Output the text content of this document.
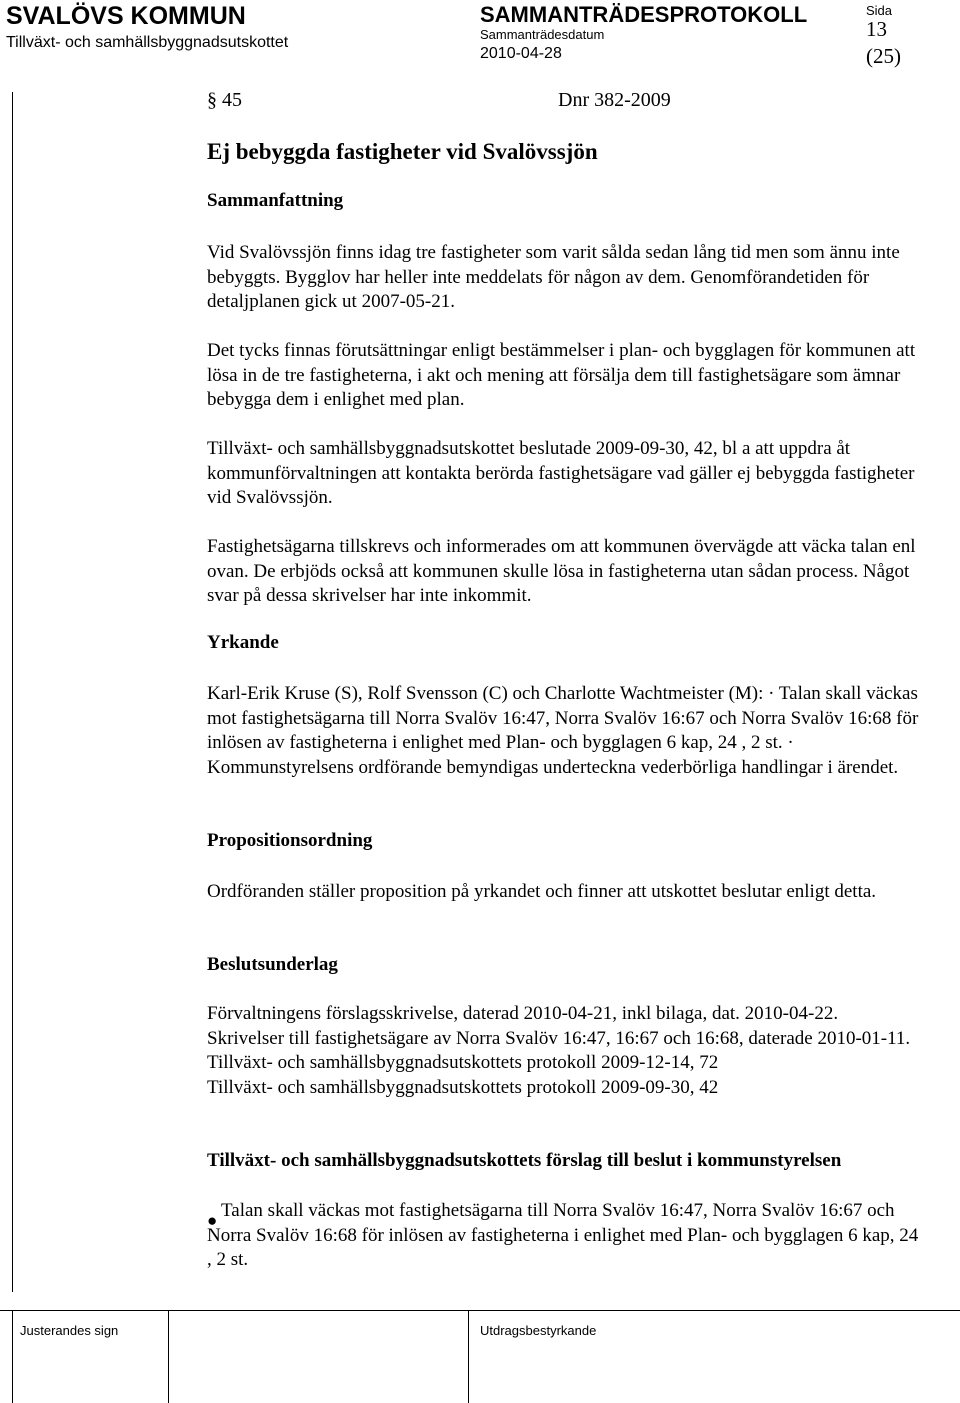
SVALÖVS KOMMUN
Tillväxt- och samhällsbyggnadsutskottet
SAMMANTRÄDESPROTOKOLL
Sammanträdesdatum
2010-04-28
Sida
13
(25)
§ 45	Dnr 382-2009
Ej bebyggda fastigheter vid Svalövssjön
Sammanfattning
Vid Svalövssjön finns idag tre fastigheter som varit sålda sedan lång tid men som ännu inte bebyggts. Bygglov har heller inte meddelats för någon av dem. Genomförandetiden för detaljplanen gick ut 2007-05-21.
Det tycks finnas förutsättningar enligt bestämmelser i plan- och bygglagen för kommunen att lösa in de tre fastigheterna, i akt och mening att försälja dem till fastighetsägare som ämnar bebygga dem i enlighet med plan.
Tillväxt- och samhällsbyggnadsutskottet beslutade 2009-09-30, 42, bl a att uppdra åt kommunförvaltningen att kontakta berörda fastighetsägare vad gäller ej bebyggda fastigheter vid Svalövssjön.
Fastighetsägarna tillskrevs och informerades om att kommunen övervägde att väcka talan enl ovan. De erbjöds också att kommunen skulle lösa in fastigheterna utan sådan process. Något svar på dessa skrivelser har inte inkommit.
Yrkande
Karl-Erik Kruse (S), Rolf Svensson (C) och Charlotte Wachtmeister (M): · Talan skall väckas mot fastighetsägarna till Norra Svalöv 16:47, Norra Svalöv 16:67 och Norra Svalöv 16:68 för inlösen av fastigheterna i enlighet med Plan- och bygglagen 6 kap, 24 , 2 st. · Kommunstyrelsens ordförande bemyndigas underteckna vederbörliga handlingar i ärendet.
Propositionsordning
Ordföranden ställer proposition på yrkandet och finner att utskottet beslutar enligt detta.
Beslutsunderlag

Förvaltningens förslagsskrivelse, daterad 2010-04-21, inkl bilaga, dat. 2010-04-22.

Skrivelser till fastighetsägare av Norra Svalöv 16:47, 16:67 och 16:68, daterade 2010-01-11.

Tillväxt- och samhällsbyggnadsutskottets protokoll 2009-12-14, 72

Tillväxt- och samhällsbyggnadsutskottets protokoll 2009-09-30, 42

Tillväxt- och samhällsbyggnadsutskottets förslag till beslut i kommunstyrelsen
● Talan skall väckas mot fastighetsägarna till Norra Svalöv 16:47, Norra Svalöv 16:67 och Norra Svalöv 16:68 för inlösen av fastigheterna i enlighet med Plan- och bygglagen 6 kap, 24 , 2 st.
Justerandes sign	Utdragsbestyrkande
